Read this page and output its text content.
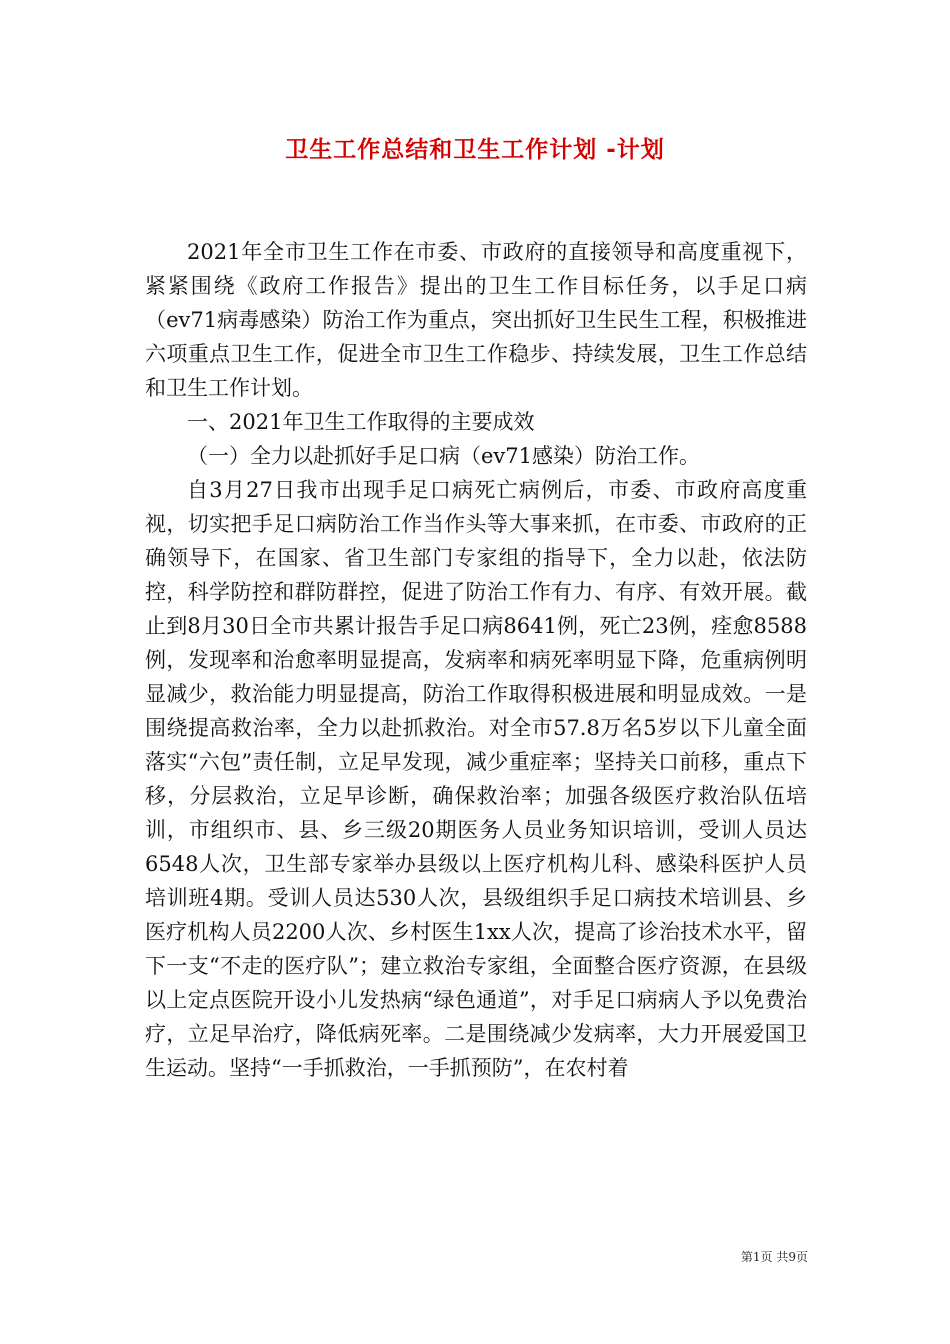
卫生工作总结和卫生工作计划 -计划

2021年全市卫生工作在市委、市政府的直接领导和高度重视下，紧紧围绕《政府工作报告》提出的卫生工作目标任务，以手足口病（ev71病毒感染）防治工作为重点，突出抓好卫生民生工程，积极推进六项重点卫生工作，促进全市卫生工作稳步、持续发展，卫生工作总结和卫生工作计划。

一、2021年卫生工作取得的主要成效

（一）全力以赴抓好手足口病（ev71感染）防治工作。

自3月27日我市出现手足口病死亡病例后，市委、市政府高度重视，切实把手足口病防治工作当作头等大事来抓，在市委、市政府的正确领导下，在国家、省卫生部门专家组的指导下，全力以赴，依法防控，科学防控和群防群控，促进了防治工作有力、有序、有效开展。截止到8月30日全市共累计报告手足口病8641例，死亡23例，痊愈8588例，发现率和治愈率明显提高，发病率和病死率明显下降，危重病例明显减少，救治能力明显提高，防治工作取得积极进展和明显成效。一是围绕提高救治率，全力以赴抓救治。对全市57.8万名5岁以下儿童全面落实“六包”责任制，立足早发现，减少重症率；坚持关口前移，重点下移，分层救治，立足早诊断，确保救治率；加强各级医疗救治队伍培训，市组织市、县、乡三级20期医务人员业务知识培训，受训人员达6548人次，卫生部专家举办县级以上医疗机构儿科、感染科医护人员培训班4期。受训人员达530人次，县级组织手足口病技术培训县、乡医疗机构人员2200人次、乡村医生1xx人次，提高了诊治技术水平，留下一支“不走的医疗队”；建立救治专家组，全面整合医疗资源，在县级以上定点医院开设小儿发热病“绿色通道”，对手足口病病人予以免费治疗，立足早治疗，降低病死率。二是围绕减少发病率，大力开展爱国卫生运动。坚持“一手抓救治，一手抓预防”，在农村着

第1页 共9页
